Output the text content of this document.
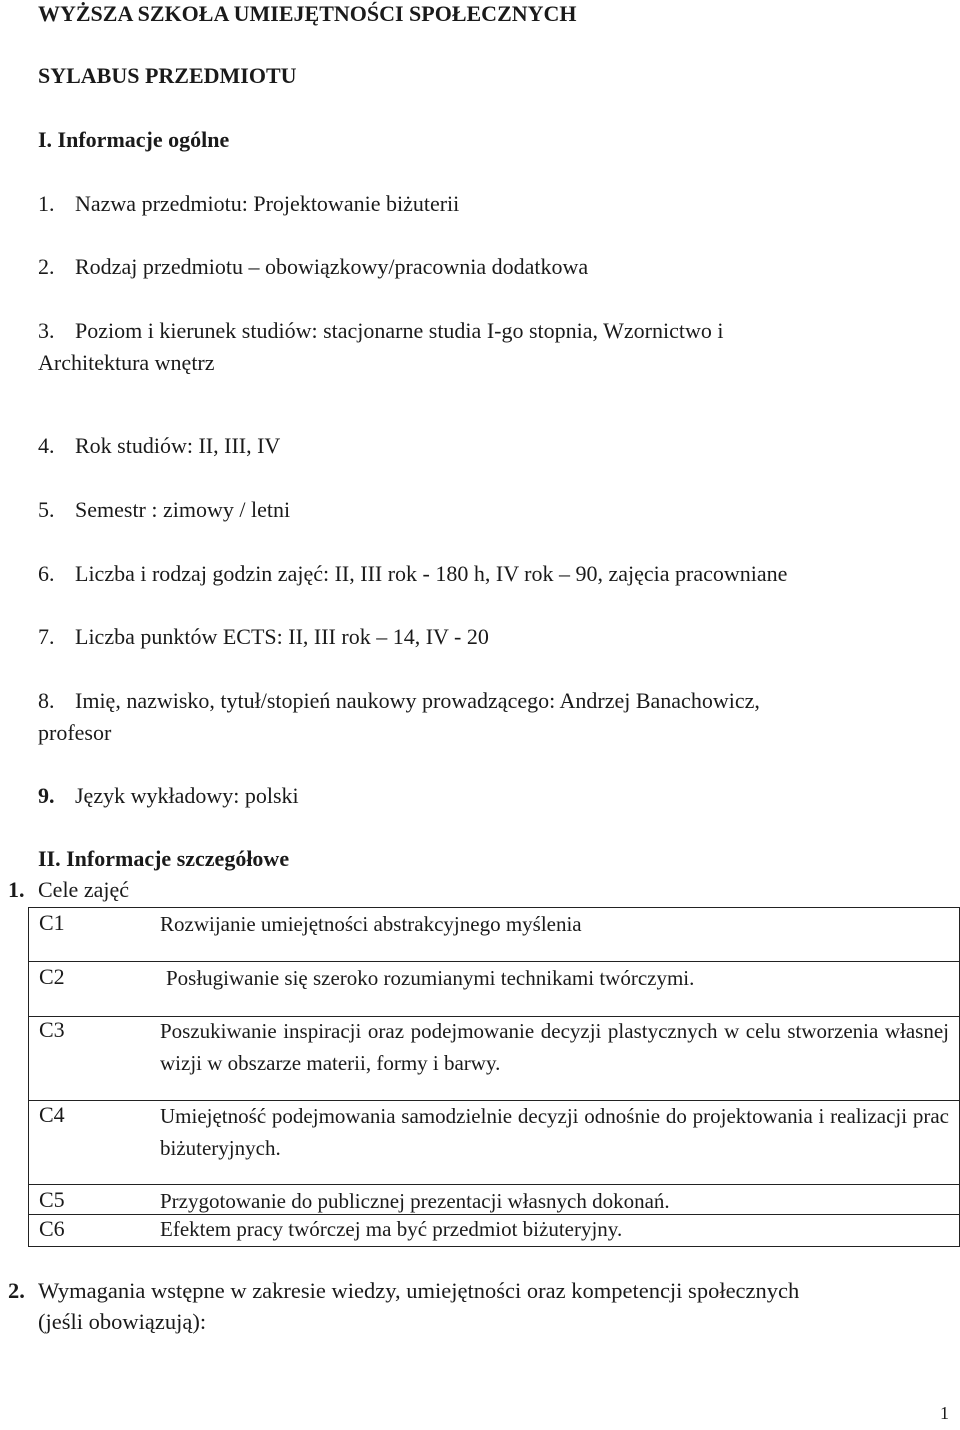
WYŻSZA SZKOŁA UMIEJĘTNOŚCI SPOŁECZNYCH
SYLABUS PRZEDMIOTU
I. Informacje ogólne
1. Nazwa przedmiotu: Projektowanie biżuterii
2. Rodzaj przedmiotu – obowiązkowy/pracownia dodatkowa
3. Poziom i kierunek studiów: stacjonarne studia I-go stopnia, Wzornictwo i
Architektura wnętrz
4. Rok studiów: II, III, IV
5. Semestr : zimowy / letni
6. Liczba i rodzaj godzin zajęć: II, III rok - 180 h, IV rok – 90, zajęcia pracowniane
7. Liczba punktów ECTS: II, III rok – 14, IV - 20
8. Imię, nazwisko, tytuł/stopień naukowy prowadzącego: Andrzej Banachowicz,
profesor
9. Język wykładowy: polski
II. Informacje szczegółowe
1. Cele zajęć
C1	Rozwijanie umiejętności abstrakcyjnego myślenia
C2	Posługiwanie się szeroko rozumianymi technikami twórczymi.
C3	Poszukiwanie inspiracji oraz podejmowanie decyzji plastycznych w celu stworzenia własnej wizji w obszarze materii, formy i barwy.
C4	Umiejętność podejmowania samodzielnie decyzji odnośnie do projektowania i realizacji prac biżuteryjnych.
C5	Przygotowanie do publicznej prezentacji własnych dokonań.
C6	Efektem pracy twórczej ma być przedmiot biżuteryjny.
2. Wymagania wstępne w zakresie wiedzy, umiejętności oraz kompetencji społecznych
(jeśli obowiązują):
1
